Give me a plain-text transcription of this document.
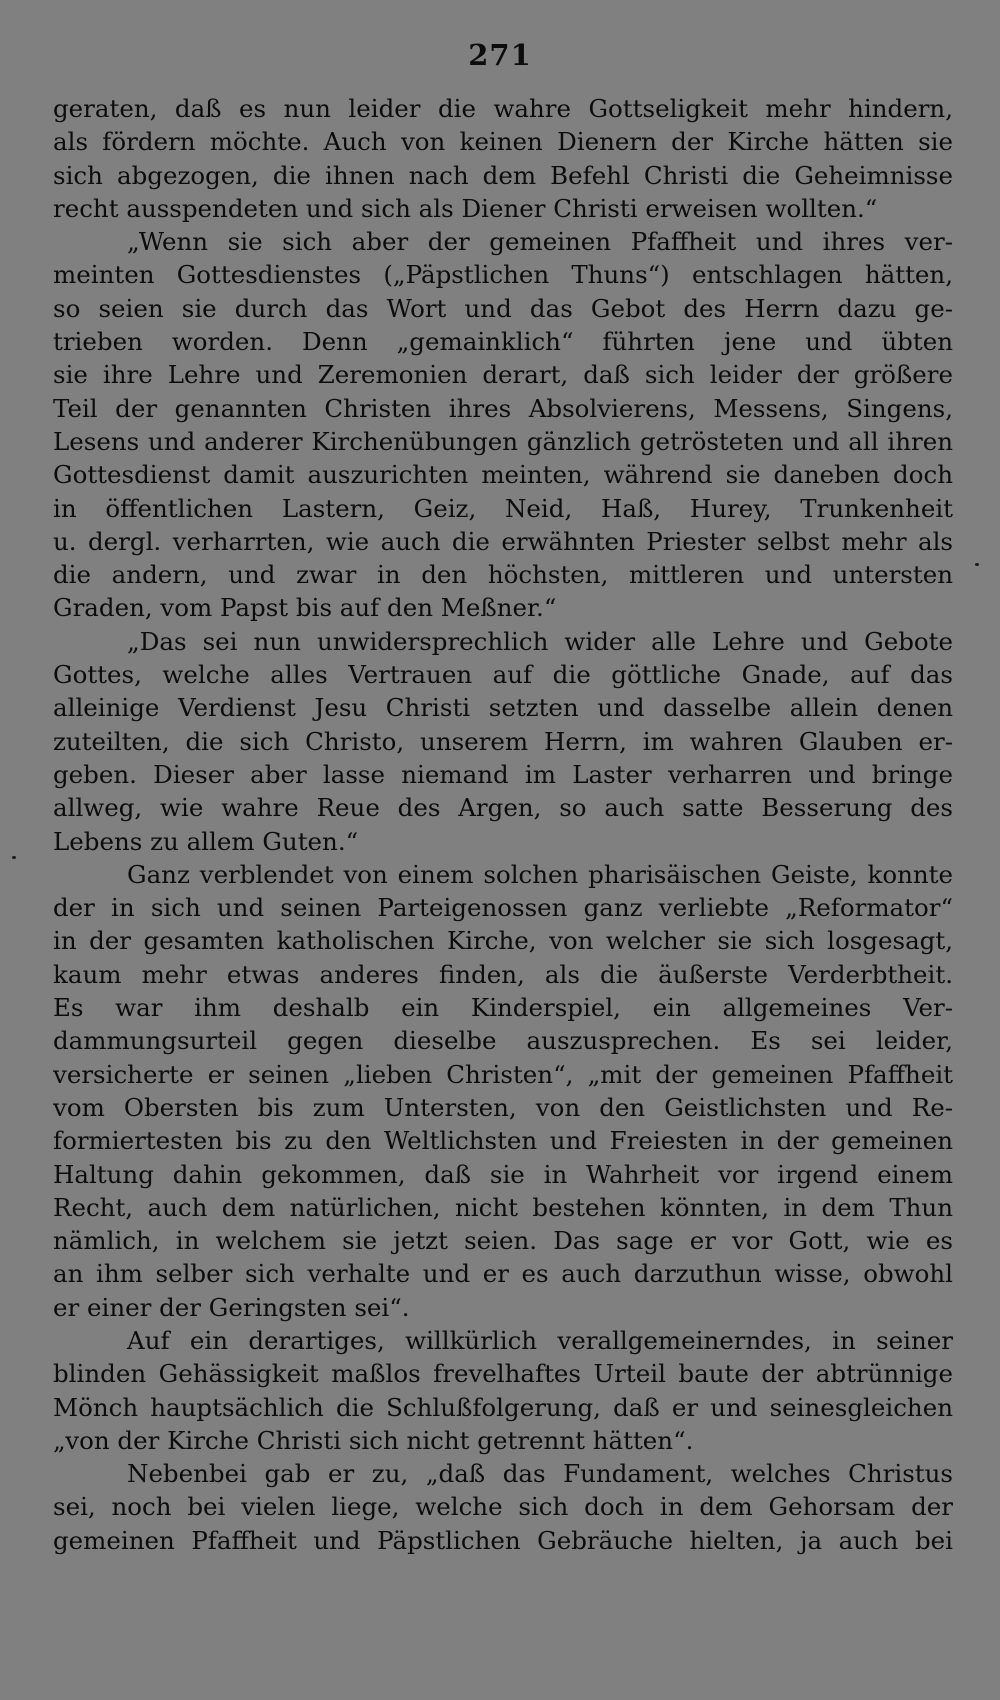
271
geraten, daß es nun leider die wahre Gottseligkeit mehr hindern,
als fördern möchte. Auch von keinen Dienern der Kirche hätten sie
sich abgezogen, die ihnen nach dem Befehl Christi die Geheimnisse
recht ausspendeten und sich als Diener Christi erweisen wollten.“
„Wenn sie sich aber der gemeinen Pfaffheit und ihres ver-
meinten Gottesdienstes („Päpstlichen Thuns“) entschlagen hätten,
so seien sie durch das Wort und das Gebot des Herrn dazu ge-
trieben worden. Denn „gemainklich“ führten jene und übten
sie ihre Lehre und Zeremonien derart, daß sich leider der größere
Teil der genannten Christen ihres Absolvierens, Messens, Singens,
Lesens und anderer Kirchenübungen gänzlich getrösteten und all ihren
Gottesdienst damit auszurichten meinten, während sie daneben doch
in öffentlichen Lastern, Geiz, Neid, Haß, Hurey, Trunkenheit
u. dergl. verharrten, wie auch die erwähnten Priester selbst mehr als
die andern, und zwar in den höchsten, mittleren und untersten
Graden, vom Papst bis auf den Meßner.“
„Das sei nun unwidersprechlich wider alle Lehre und Gebote
Gottes, welche alles Vertrauen auf die göttliche Gnade, auf das
alleinige Verdienst Jesu Christi setzten und dasselbe allein denen
zuteilten, die sich Christo, unserem Herrn, im wahren Glauben er-
geben. Dieser aber lasse niemand im Laster verharren und bringe
allweg, wie wahre Reue des Argen, so auch satte Besserung des
Lebens zu allem Guten.“
Ganz verblendet von einem solchen pharisäischen Geiste, konnte
der in sich und seinen Parteigenossen ganz verliebte „Reformator“
in der gesamten katholischen Kirche, von welcher sie sich losgesagt,
kaum mehr etwas anderes finden, als die äußerste Verderbtheit.
Es war ihm deshalb ein Kinderspiel, ein allgemeines Ver-
dammungsurteil gegen dieselbe auszusprechen. Es sei leider,
versicherte er seinen „lieben Christen“, „mit der gemeinen Pfaffheit
vom Obersten bis zum Untersten, von den Geistlichsten und Re-
formiertesten bis zu den Weltlichsten und Freiesten in der gemeinen
Haltung dahin gekommen, daß sie in Wahrheit vor irgend einem
Recht, auch dem natürlichen, nicht bestehen könnten, in dem Thun
nämlich, in welchem sie jetzt seien. Das sage er vor Gott, wie es
an ihm selber sich verhalte und er es auch darzuthun wisse, obwohl
er einer der Geringsten sei“.
Auf ein derartiges, willkürlich verallgemeinerndes, in seiner
blinden Gehässigkeit maßlos frevelhaftes Urteil baute der abtrünnige
Mönch hauptsächlich die Schlußfolgerung, daß er und seinesgleichen
„von der Kirche Christi sich nicht getrennt hätten“.
Nebenbei gab er zu, „daß das Fundament, welches Christus
sei, noch bei vielen liege, welche sich doch in dem Gehorsam der
gemeinen Pfaffheit und Päpstlichen Gebräuche hielten, ja auch bei
